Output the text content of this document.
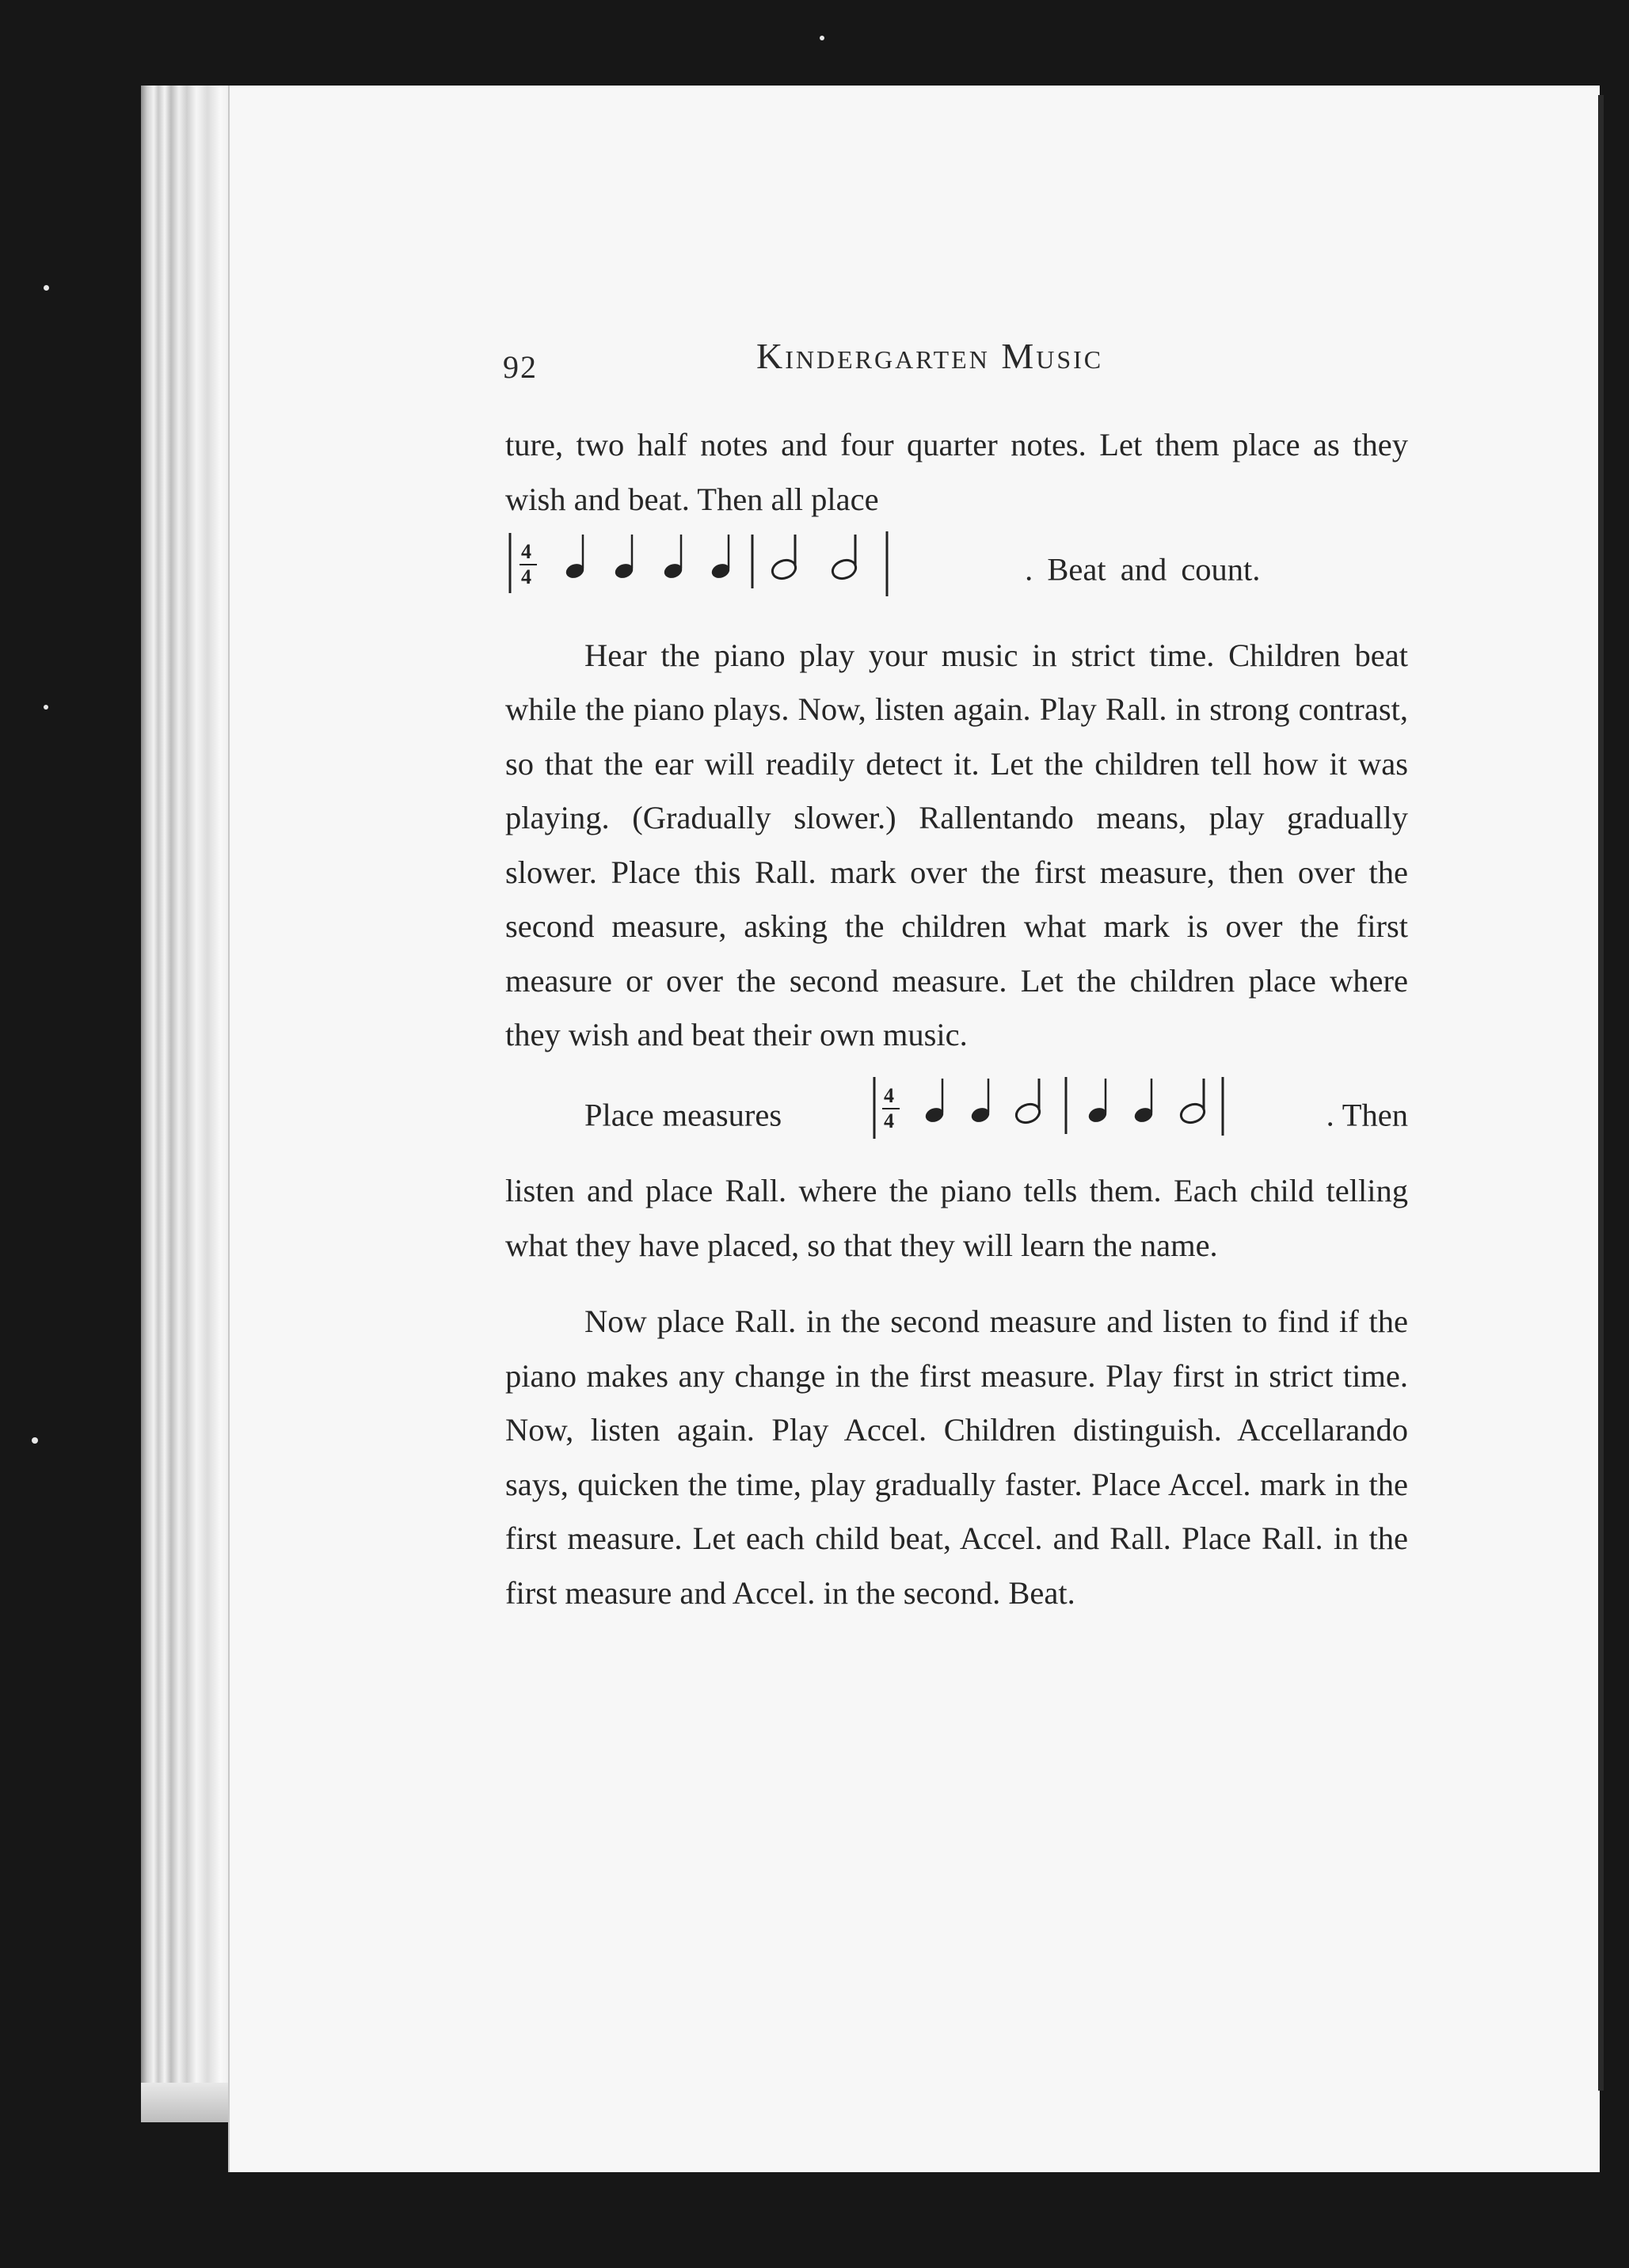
92	Kindergarten Music

ture, two half notes and four quarter notes. Let them place as they wish and beat. Then all place

4
4	. Beat and count.

Hear the piano play your music in strict time. Children beat while the piano plays. Now, listen again. Play Rall. in strong contrast, so that the ear will readily detect it. Let the children tell how it was playing. (Gradually slower.) Rallentando means, play gradually slower. Place this Rall. mark over the first measure, then over the second measure, asking the children what mark is over the first measure or over the second measure. Let the children place where they wish and beat their own music.

Place measures
4
4	. Then listen and place Rall. where the piano tells them. Each child telling what they have placed, so that they will learn the name.

Now place Rall. in the second measure and listen to find if the piano makes any change in the first measure. Play first in strict time. Now, listen again. Play Accel. Children distinguish. Accellarando says, quicken the time, play gradually faster. Place Accel. mark in the first measure. Let each child beat, Accel. and Rall. Place Rall. in the first measure and Accel. in the second. Beat.
